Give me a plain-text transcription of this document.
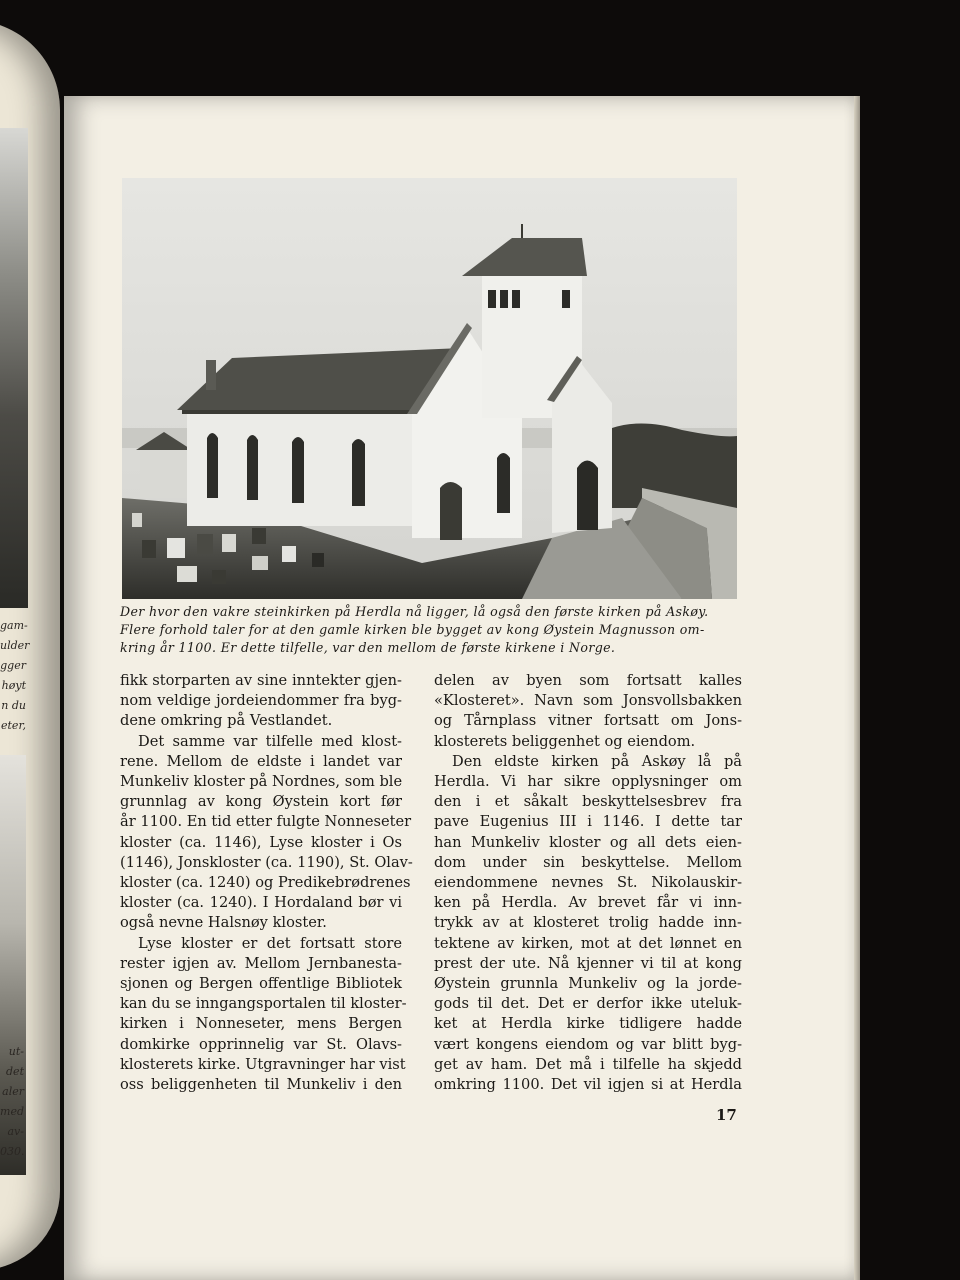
gam-
ulder
gger
høyt
n du
eter,
ut-
det
aler
med
av-
030.
Der hvor den vakre steinkirken på Herdla nå ligger, lå også den første kirken på Askøy.
Flere forhold taler for at den gamle kirken ble bygget av kong Øystein Magnusson om-
kring år 1100. Er dette tilfelle, var den mellom de første kirkene i Norge.
fikk storparten av sine inntekter gjen-
nom veldige jordeiendommer fra byg-
dene omkring på Vestlandet.
Det samme var tilfelle med klost-
rene. Mellom de eldste i landet var
Munkeliv kloster på Nordnes, som ble
grunnlag av kong Øystein kort før
år 1100. En tid etter fulgte Nonneseter
kloster (ca. 1146), Lyse kloster i Os
(1146), Jonskloster (ca. 1190), St. Olav-
kloster (ca. 1240) og Predikebrødrenes
kloster (ca. 1240). I Hordaland bør vi
også nevne Halsnøy kloster.
Lyse kloster er det fortsatt store
rester igjen av. Mellom Jernbanesta-
sjonen og Bergen offentlige Bibliotek
kan du se inngangsportalen til kloster-
kirken i Nonneseter, mens Bergen
domkirke opprinnelig var St. Olavs-
klosterets kirke. Utgravninger har vist
oss beliggenheten til Munkeliv i den
delen av byen som fortsatt kalles
«Klosteret». Navn som Jonsvollsbakken
og Tårnplass vitner fortsatt om Jons-
klosterets beliggenhet og eiendom.
Den eldste kirken på Askøy lå på
Herdla. Vi har sikre opplysninger om
den i et såkalt beskyttelsesbrev fra
pave Eugenius III i 1146. I dette tar
han Munkeliv kloster og all dets eien-
dom under sin beskyttelse. Mellom
eiendommene nevnes St. Nikolauskir-
ken på Herdla. Av brevet får vi inn-
trykk av at klosteret trolig hadde inn-
tektene av kirken, mot at det lønnet en
prest der ute. Nå kjenner vi til at kong
Øystein grunnla Munkeliv og la jorde-
gods til det. Det er derfor ikke uteluk-
ket at Herdla kirke tidligere hadde
vært kongens eiendom og var blitt byg-
get av ham. Det må i tilfelle ha skjedd
omkring 1100. Det vil igjen si at Herdla
17
